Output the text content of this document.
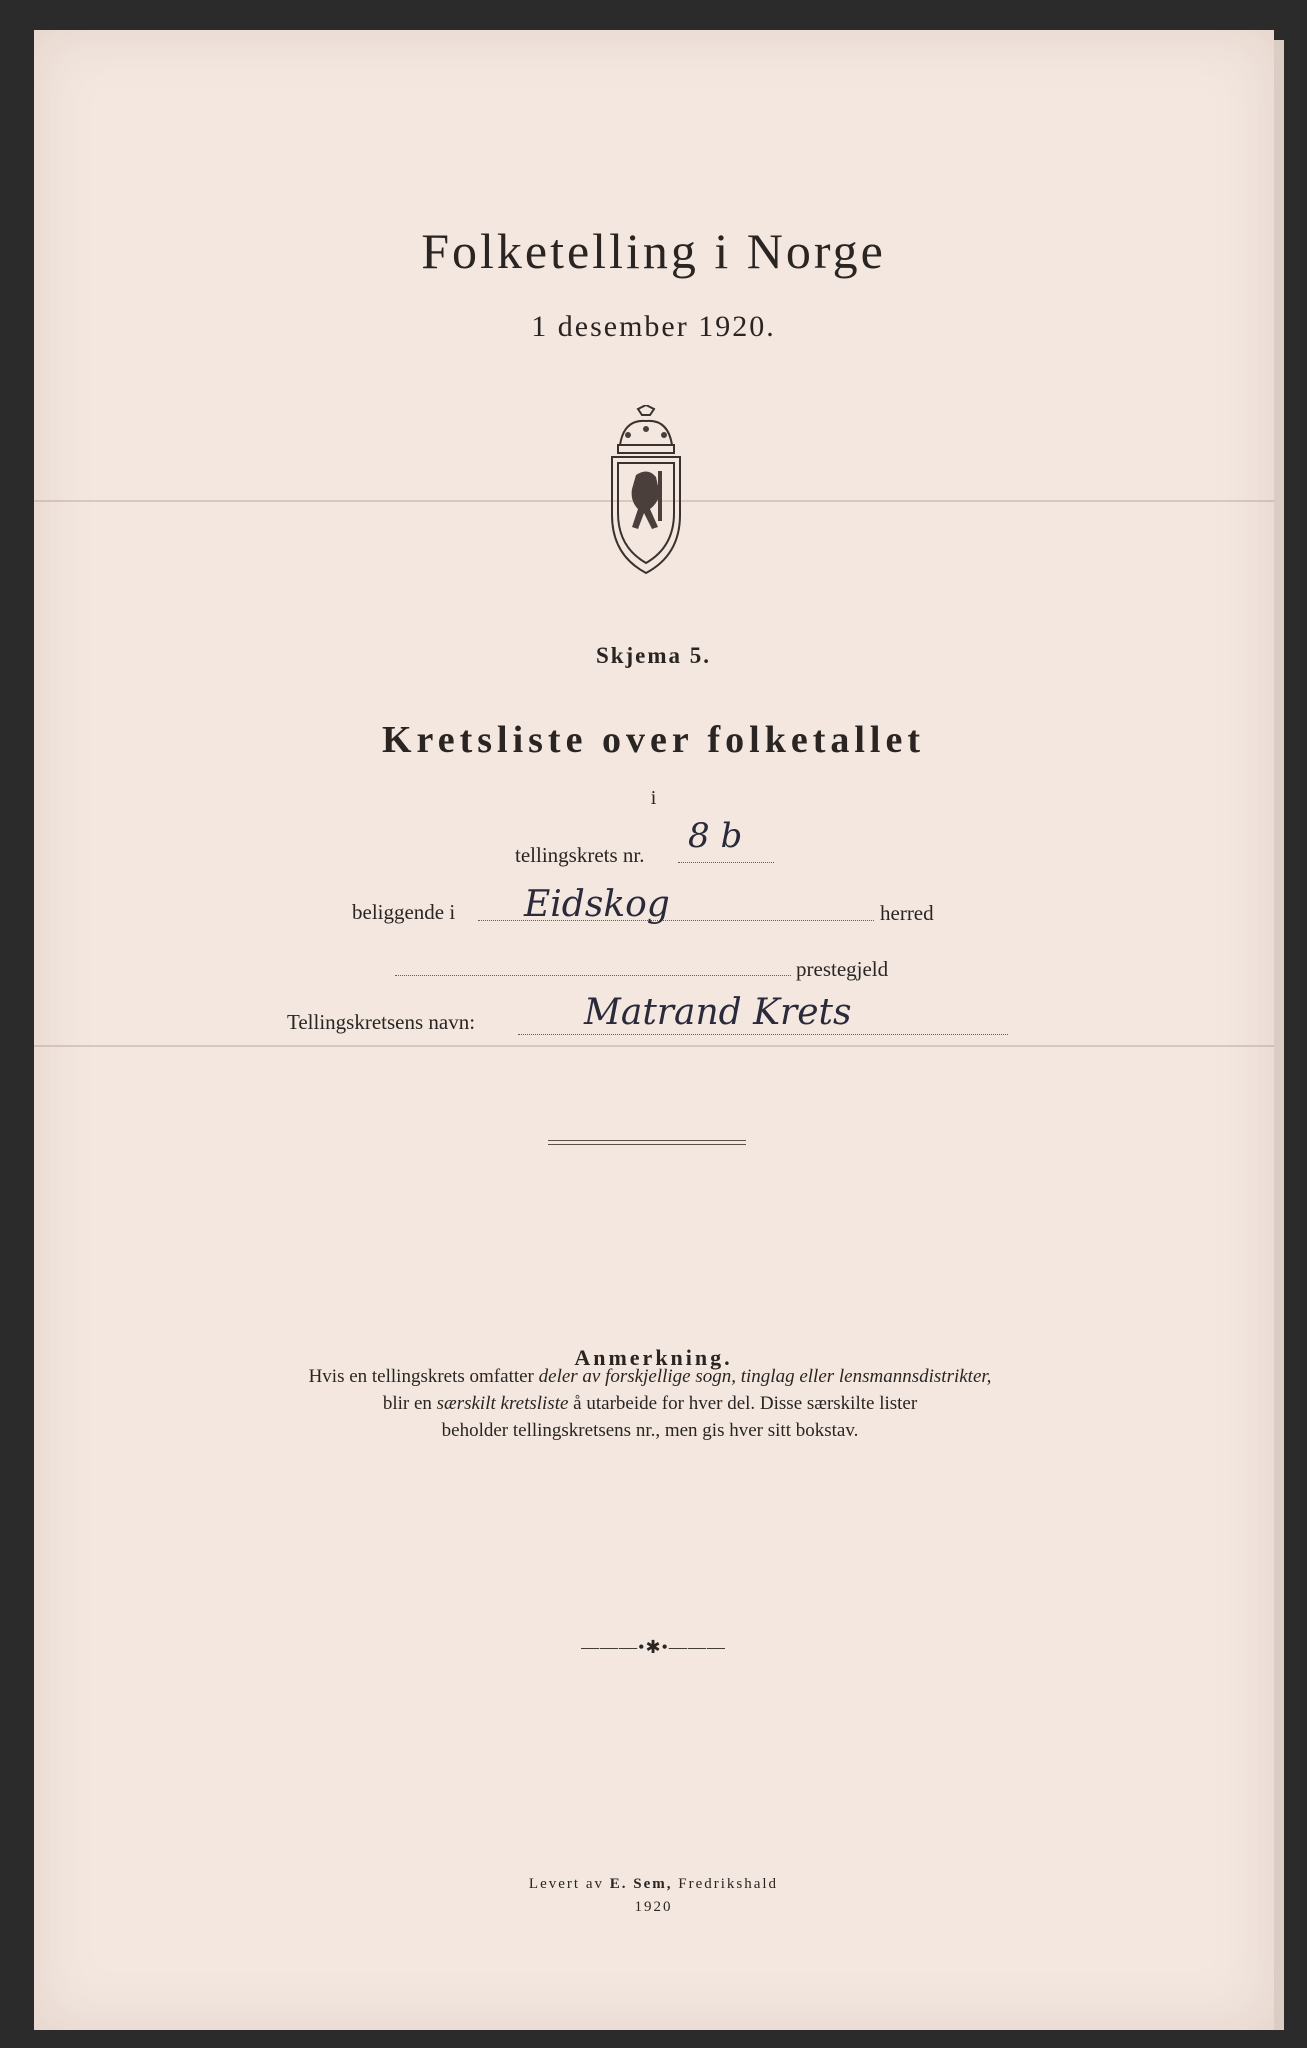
Folketelling i Norge
1 desember 1920.
Skjema 5.
Kretsliste over folketallet
i
tellingskrets nr. 8 b
beliggende i Eidskog	herred
prestegjeld
Tellingskretsens navn:	Matrand Krets
Anmerkning.
Hvis en tellingskrets omfatter deler av forskjellige sogn, tinglag eller lensmannsdistrikter,
blir en særskilt kretsliste å utarbeide for hver del. Disse særskilte lister
beholder tellingskretsens nr., men gis hver sitt bokstav.
———•✱•———
Levert av E. Sem, Fredrikshald
1920
